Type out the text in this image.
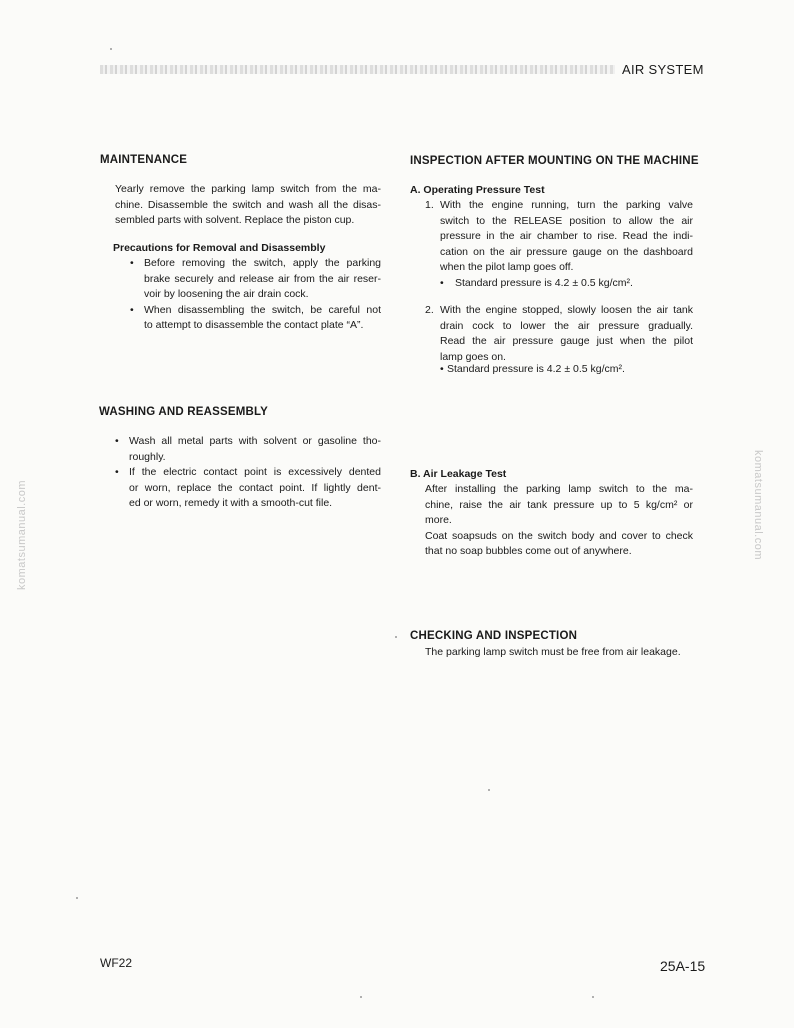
AIR SYSTEM
MAINTENANCE
Yearly remove the parking lamp switch from the ma-
chine. Disassemble the switch and wash all the disas-
sembled parts with solvent. Replace the piston cup.
Precautions for Removal and Disassembly
• Before removing the switch, apply the parking
brake securely and release air from the air reser-
voir by loosening the air drain cock.
• When disassembling the switch, be careful not
to attempt to disassemble the contact plate “A”.
WASHING AND REASSEMBLY
• Wash all metal parts with solvent or gasoline tho-
roughly.
• If the electric contact point is excessively dented
or worn, replace the contact point. If lightly dent-
ed or worn, remedy it with a smooth-cut file.
INSPECTION AFTER MOUNTING ON THE MACHINE
A. Operating Pressure Test
1. With the engine running, turn the parking valve
switch to the RELEASE position to allow the air
pressure in the air chamber to rise. Read the indi-
cation on the air pressure gauge on the dashboard
when the pilot lamp goes off.
• Standard pressure is 4.2 ± 0.5 kg/cm².
2. With the engine stopped, slowly loosen the air tank
drain cock to lower the air pressure gradually.
Read the air pressure gauge just when the pilot
lamp goes on.
• Standard pressure is 4.2 ± 0.5 kg/cm².
B. Air Leakage Test
After installing the parking lamp switch to the ma-
chine, raise the air tank pressure up to 5 kg/cm² or
more.
Coat soapsuds on the switch body and cover to check
that no soap bubbles come out of anywhere.
CHECKING AND INSPECTION
The parking lamp switch must be free from air leakage.
komatsumanual.com	komatsumanual.com
WF22	25A-15
